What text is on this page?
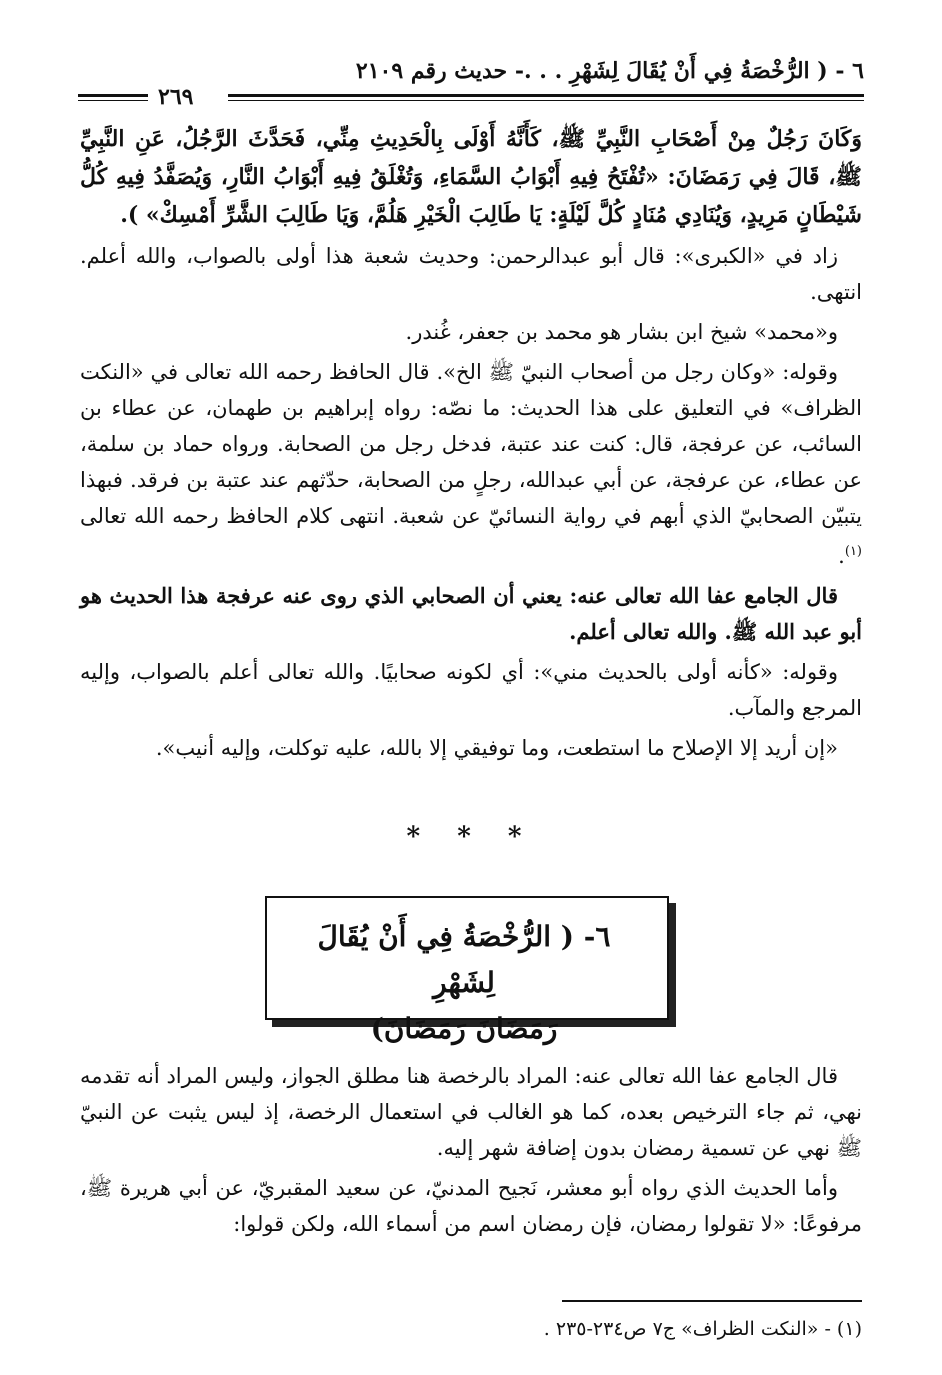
٦ - ( الرُّخْصَةُ فِي أَنْ يُقَالَ لِشَهْرِ . . .- حديث رقم ٢١٠٩
٢٦٩

وَكَانَ رَجُلٌ مِنْ أَصْحَابِ النَّبِيِّ ﷺ، كَأَنَّهُ أَوْلَى بِالْحَدِيثِ مِنِّي، فَحَدَّثَ الرَّجُلُ، عَنِ النَّبِيِّ ﷺ، قَالَ فِي رَمَضَانَ: «تُفْتَحُ فِيهِ أَبْوَابُ السَّمَاءِ، وَتُغْلَقُ فِيهِ أَبْوَابُ النَّارِ، وَيُصَفَّدُ فِيهِ كُلُّ شَيْطَانٍ مَرِيدٍ، وَيُنَادِي مُنَادٍ كُلَّ لَيْلَةٍ: يَا طَالِبَ الْخَيْرِ هَلُمَّ، وَيَا طَالِبَ الشَّرِّ أَمْسِكْ» ).

زاد في «الكبرى»: قال أبو عبدالرحمن: وحديث شعبة هذا أولى بالصواب، والله أعلم. انتهى.

و«محمد» شيخ ابن بشار هو محمد بن جعفر، غُندر.

وقوله: «وكان رجل من أصحاب النبيّ ﷺ الخ». قال الحافظ رحمه الله تعالى في «النكت الظراف» في التعليق على هذا الحديث: ما نصّه: رواه إبراهيم بن طهمان، عن عطاء بن السائب، عن عرفجة، قال: كنت عند عتبة، فدخل رجل من الصحابة. ورواه حماد بن سلمة، عن عطاء، عن عرفجة، عن أبي عبدالله، رجلٍ من الصحابة، حدّثهم عند عتبة بن فرقد. فبهذا يتبيّن الصحابيّ الذي أبهم في رواية النسائيّ عن شعبة. انتهى كلام الحافظ رحمه الله تعالى $^{(١)}$.

قال الجامع عفا الله تعالى عنه: يعني أن الصحابي الذي روى عنه عرفجة هذا الحديث هو أبو عبد الله ﷺ. والله تعالى أعلم.

وقوله: «كأنه أولى بالحديث مني»: أي لكونه صحابيًا. والله تعالى أعلم بالصواب، وإليه المرجع والمآب.

«إن أريد إلا الإصلاح ما استطعت، وما توفيقي إلا بالله، عليه توكلت، وإليه أنيب».

* * *
٦- ( الرُّخْصَةُ فِي أَنْ يُقَالَ لِشَهْرِ
رَمَضَانَ رَمَضَانَ)

قال الجامع عفا الله تعالى عنه: المراد بالرخصة هنا مطلق الجواز، وليس المراد أنه تقدمه نهي، ثم جاء الترخيص بعده، كما هو الغالب في استعمال الرخصة، إذ ليس يثبت عن النبيّ ﷺ نهي عن تسمية رمضان بدون إضافة شهر إليه.

وأما الحديث الذي رواه أبو معشر، نَجيح المدنيّ، عن سعيد المقبريّ، عن أبي هريرة ﷺ، مرفوعًا: «لا تقولوا رمضان، فإن رمضان اسم من أسماء الله، ولكن قولوا:

(١) - «النكت الظراف» ج٧ ص٢٣٤-٢٣٥ .
